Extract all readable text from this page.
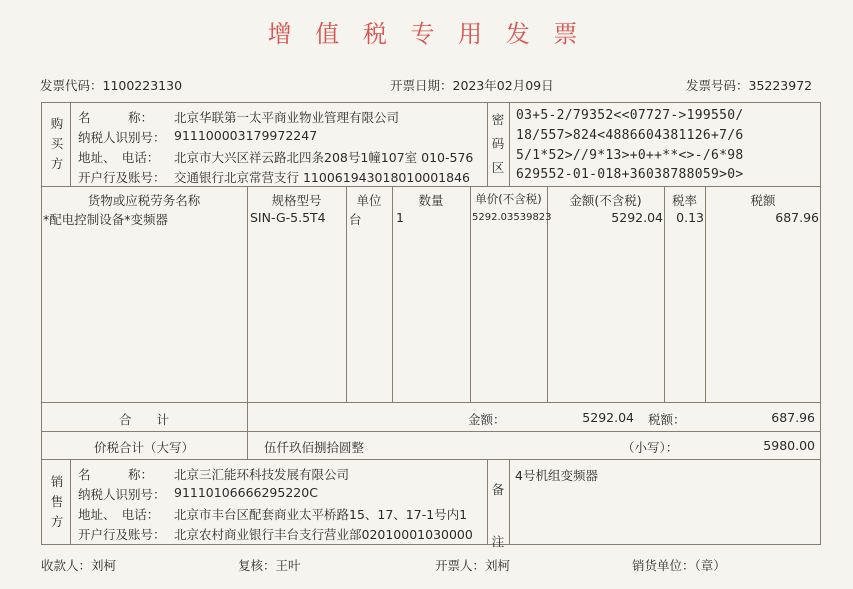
增 值 税 专 用 发 票
发票代码：1100223130	开票日期：2023年02月09日	发票号码：35223972
购
买
方
名　　　称： 北京华联第一太平商业物业管理有限公司
纳税人识别号： 911100003179972247
地址、　电话： 北京市大兴区祥云路北四条208号1幢107室 010-576
开户行及账号： 交通银行北京常营支行 110061943018010001846
密
码
区
03+5-2/79352<<07727->199550/
18/557>824<4886604381126+7/6
5/1*52>//9*13>+0++**<>-/6*98
629552-01-018+36038788059>0>
货物或应税劳务名称	规格型号	单位	数量	单价(不含税)	金额(不含税)	税率	税额
*配电控制设备*变频器	SIN-G-5.5T4 台	1	5292.03539823	5292.04	0.13	687.96
合　　计	金额：	5292.04 税额：	687.96
价税合计（大写）	伍仟玖佰捌拾圆整	（小写）：	5980.00
销
售
方
名　　　称： 北京三汇能环科技发展有限公司
纳税人识别号： 91110106666295220C
地址、　电话： 北京市丰台区配套商业太平桥路15、17、17-1号内1
开户行及账号： 北京农村商业银行丰台支行营业部02010001030000
备
注
4号机组变频器
收款人：刘柯	复核：王叶	开票人：刘柯	销货单位：（章）
